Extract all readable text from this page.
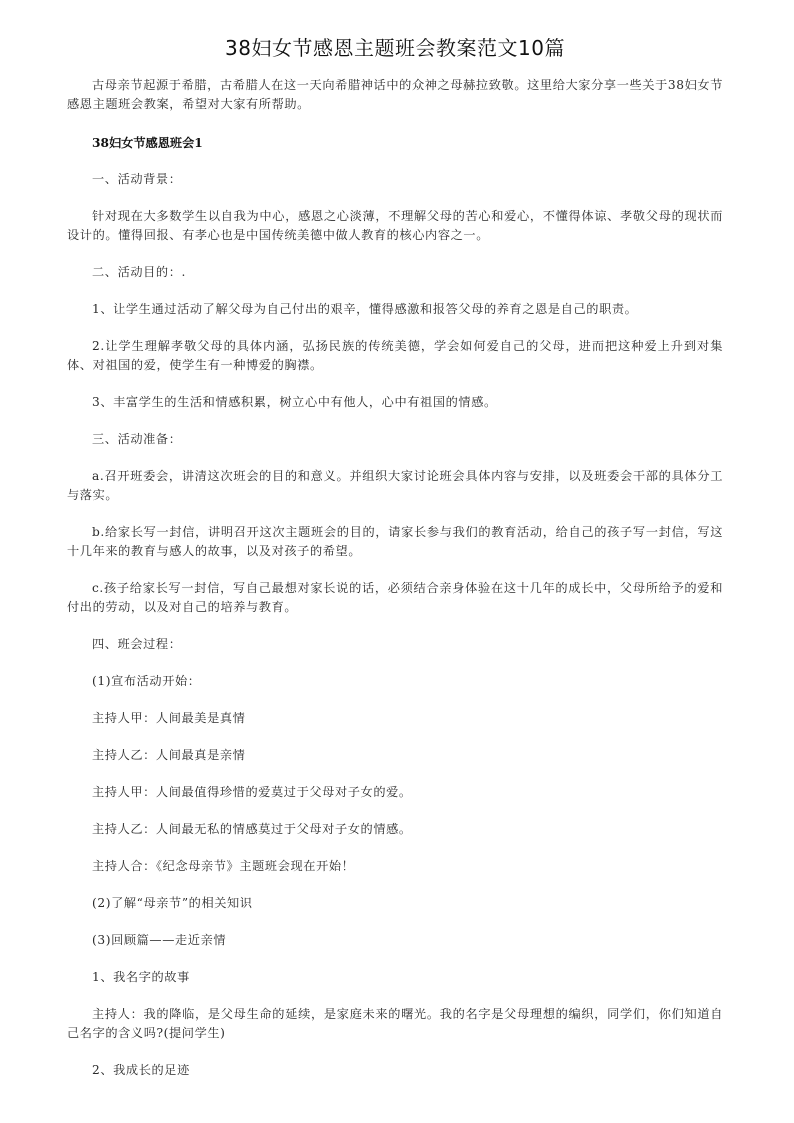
38妇女节感恩主题班会教案范文10篇

古母亲节起源于希腊，古希腊人在这一天向希腊神话中的众神之母赫拉致敬。这里给大家分享一些关于38妇女节感恩主题班会教案，希望对大家有所帮助。

38妇女节感恩班会1

一、活动背景：

针对现在大多数学生以自我为中心，感恩之心淡薄，不理解父母的苦心和爱心，不懂得体谅、孝敬父母的现状而设计的。懂得回报、有孝心也是中国传统美德中做人教育的核心内容之一。

二、活动目的：.

1、让学生通过活动了解父母为自己付出的艰辛，懂得感激和报答父母的养育之恩是自己的职责。

2.让学生理解孝敬父母的具体内涵，弘扬民族的传统美德，学会如何爱自己的父母，进而把这种爱上升到对集体、对祖国的爱，使学生有一种博爱的胸襟。

3、丰富学生的生活和情感积累，树立心中有他人，心中有祖国的情感。

三、活动准备：

a.召开班委会，讲清这次班会的目的和意义。并组织大家讨论班会具体内容与安排，以及班委会干部的具体分工与落实。

b.给家长写一封信，讲明召开这次主题班会的目的，请家长参与我们的教育活动，给自己的孩子写一封信，写这十几年来的教育与感人的故事，以及对孩子的希望。

c.孩子给家长写一封信，写自己最想对家长说的话，必须结合亲身体验在这十几年的成长中，父母所给予的爱和付出的劳动，以及对自己的培养与教育。

四、班会过程：

(1)宣布活动开始：

主持人甲：人间最美是真情

主持人乙：人间最真是亲情

主持人甲：人间最值得珍惜的爱莫过于父母对子女的爱。

主持人乙：人间最无私的情感莫过于父母对子女的情感。

主持人合：《纪念母亲节》主题班会现在开始！

(2)了解“母亲节”的相关知识

(3)回顾篇——走近亲情

1、我名字的故事

主持人：我的降临，是父母生命的延续，是家庭未来的曙光。我的名字是父母理想的编织，同学们，你们知道自己名字的含义吗?(提问学生)

2、我成长的足迹
